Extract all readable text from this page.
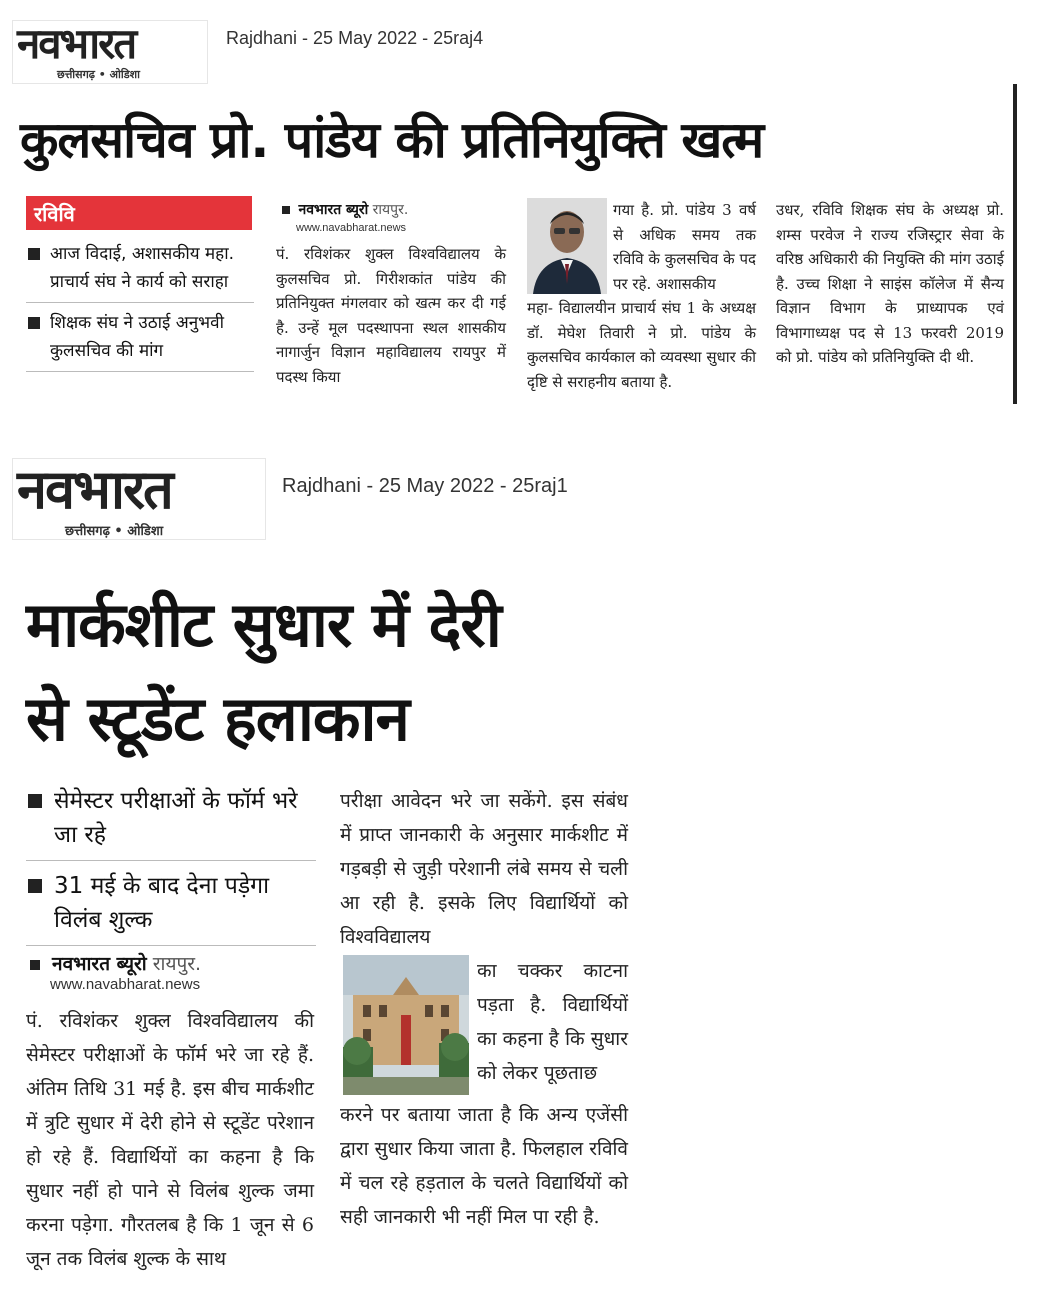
नवभारत
छत्तीसगढ़ • ओडिशा
Rajdhani - 25 May 2022 - 25raj4
कुलसचिव प्रो. पांडेय की प्रतिनियुक्ति खत्म
रविवि
आज विदाई, अशासकीय महा. प्राचार्य संघ ने कार्य को सराहा
शिक्षक संघ ने उठाई अनुभवी कुलसचिव की मांग
नवभारत ब्यूरो रायपुर.
www.navabharat.news
पं. रविशंकर शुक्ल विश्वविद्यालय के कुलसचिव प्रो. गिरीशकांत पांडेय की प्रतिनियुक्त मंगलवार को खत्म कर दी गई है. उन्हें मूल पदस्थापना स्थल शासकीय नागार्जुन विज्ञान महाविद्यालय रायपुर में पदस्थ किया
गया है. प्रो. पांडेय 3 वर्ष से अधिक समय तक रविवि के कुलसचिव के पद पर रहे. अशासकीय
महा- विद्यालयीन प्राचार्य संघ 1 के अध्यक्ष डॉ. मेघेश तिवारी ने प्रो. पांडेय के कुलसचिव कार्यकाल को व्यवस्था सुधार की दृष्टि से सराहनीय बताया है.
उधर, रविवि शिक्षक संघ के अध्यक्ष प्रो. शम्स परवेज ने राज्य रजिस्ट्रार सेवा के वरिष्ठ अधिकारी की नियुक्ति की मांग उठाई है. उच्च शिक्षा ने साइंस कॉलेज में सैन्य विज्ञान विभाग के प्राध्यापक एवं विभागाध्यक्ष पद से 13 फरवरी 2019 को प्रो. पांडेय को प्रतिनियुक्ति दी थी.
नवभारत
छत्तीसगढ़ • ओडिशा
Rajdhani - 25 May 2022 - 25raj1
मार्कशीट सुधार में देरी
से स्टूडेंट हलाकान
सेमेस्टर परीक्षाओं के फॉर्म भरे जा रहे
31 मई के बाद देना पड़ेगा विलंब शुल्क
नवभारत ब्यूरो रायपुर.
www.navabharat.news
पं. रविशंकर शुक्ल विश्वविद्यालय की सेमेस्टर परीक्षाओं के फॉर्म भरे जा रहे हैं. अंतिम तिथि 31 मई है. इस बीच मार्कशीट में त्रुटि सुधार में देरी होने से स्टूडेंट परेशान हो रहे हैं. विद्यार्थियों का कहना है कि सुधार नहीं हो पाने से विलंब शुल्क जमा करना पड़ेगा. गौरतलब है कि 1 जून से 6 जून तक विलंब शुल्क के साथ
परीक्षा आवेदन भरे जा सकेंगे. इस संबंध में प्राप्त जानकारी के अनुसार मार्कशीट में गड़बड़ी से जुड़ी परेशानी लंबे समय से चली आ रही है. इसके लिए विद्यार्थियों को विश्वविद्यालय
का चक्कर काटना पड़ता है. विद्यार्थियों का कहना है कि सुधार को लेकर पूछताछ
करने पर बताया जाता है कि अन्य एजेंसी द्वारा सुधार किया जाता है. फिलहाल रविवि में चल रहे हड़ताल के चलते विद्यार्थियों को सही जानकारी भी नहीं मिल पा रही है.
